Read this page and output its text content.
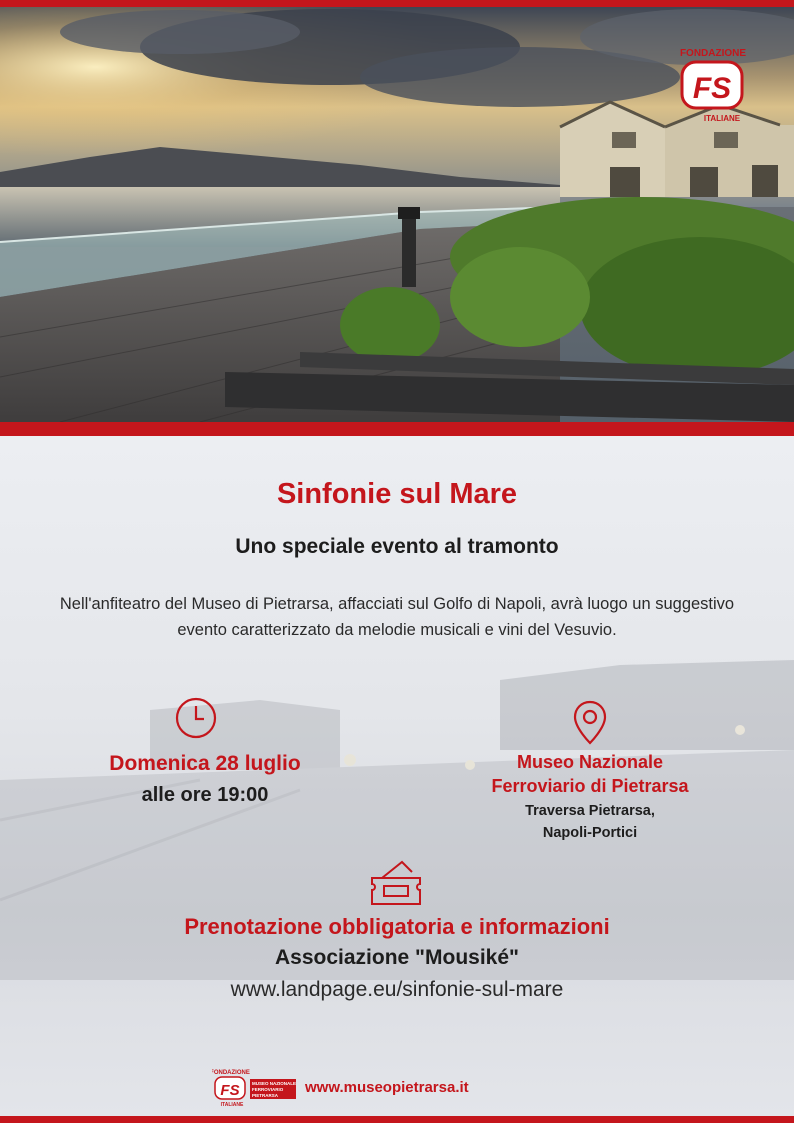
FONDAZIONE
FS
ITALIANE
Sinfonie sul Mare
Uno speciale evento al tramonto
Nell'anfiteatro del Museo di Pietrarsa, affacciati sul Golfo di Napoli, avrà luogo un suggestivo evento caratterizzato da melodie musicali e vini del Vesuvio.
Domenica 28 luglio
alle ore 19:00
Museo Nazionale
Ferroviario di Pietrarsa
Traversa Pietrarsa,
Napoli-Portici
Prenotazione obbligatoria e informazioni
Associazione "Mousiké"
www.landpage.eu/sinfonie-sul-mare
FONDAZIONE
FS
ITALIANE
MUSEO NAZIONALE
FERROVIARIO
PIETRARSA www.museopietrarsa.it
